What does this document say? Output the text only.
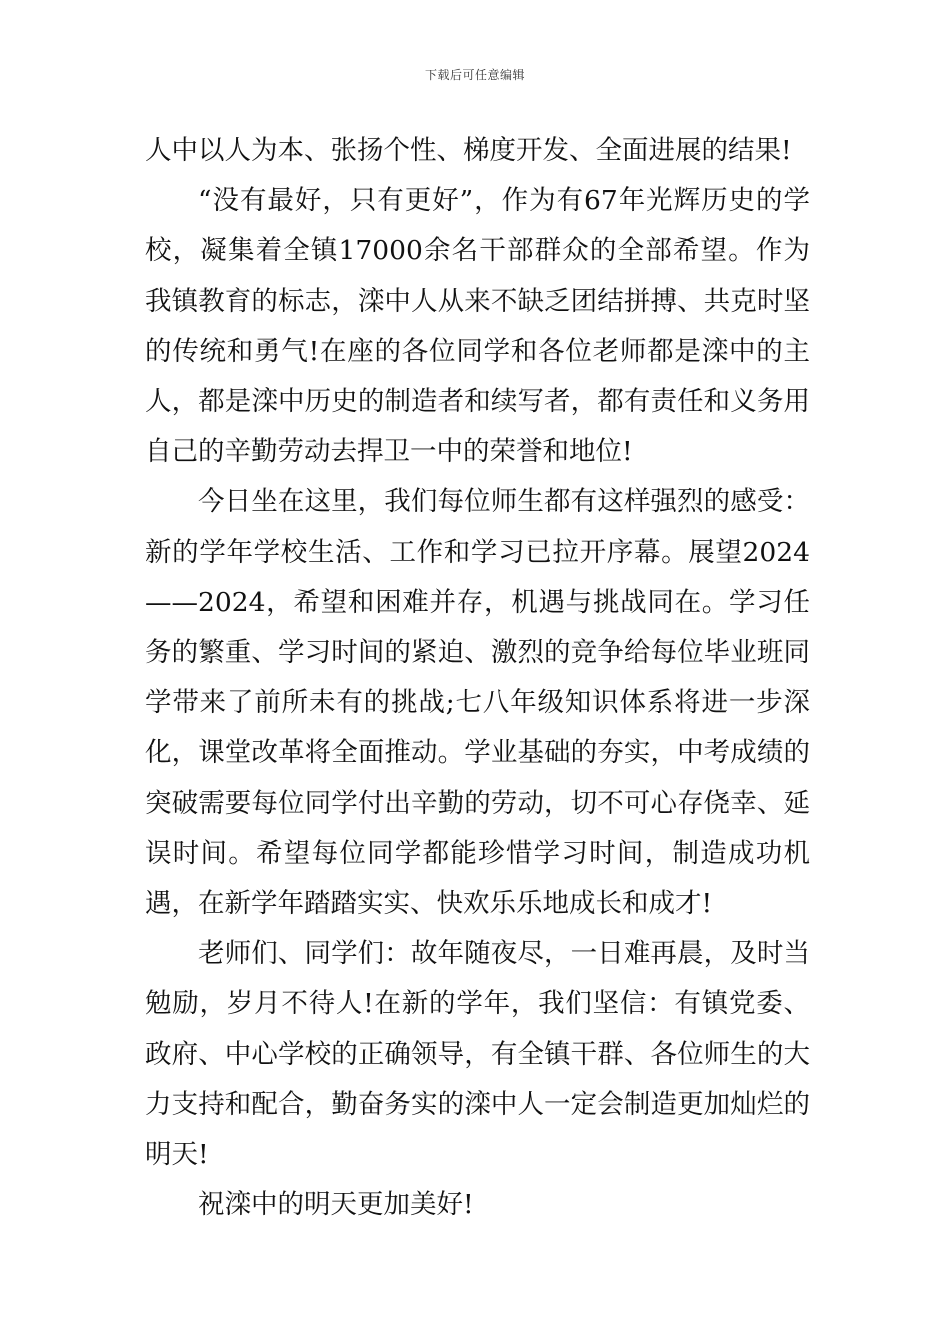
下载后可任意编辑

人中以人为本、张扬个性、梯度开发、全面进展的结果!

“没有最好，只有更好”，作为有67年光辉历史的学校，凝集着全镇17000余名干部群众的全部希望。作为我镇教育的标志，滦中人从来不缺乏团结拼搏、共克时坚的传统和勇气!在座的各位同学和各位老师都是滦中的主人，都是滦中历史的制造者和续写者，都有责任和义务用自己的辛勤劳动去捍卫一中的荣誉和地位!

今日坐在这里，我们每位师生都有这样强烈的感受：新的学年学校生活、工作和学习已拉开序幕。展望2024——2024，希望和困难并存，机遇与挑战同在。学习任务的繁重、学习时间的紧迫、激烈的竞争给每位毕业班同学带来了前所未有的挑战;七八年级知识体系将进一步深化，课堂改革将全面推动。学业基础的夯实，中考成绩的突破需要每位同学付出辛勤的劳动，切不可心存侥幸、延误时间。希望每位同学都能珍惜学习时间，制造成功机遇，在新学年踏踏实实、快欢乐乐地成长和成才!

老师们、同学们：故年随夜尽，一日难再晨，及时当勉励，岁月不待人!在新的学年，我们坚信：有镇党委、政府、中心学校的正确领导，有全镇干群、各位师生的大力支持和配合，勤奋务实的滦中人一定会制造更加灿烂的明天!

祝滦中的明天更加美好!
